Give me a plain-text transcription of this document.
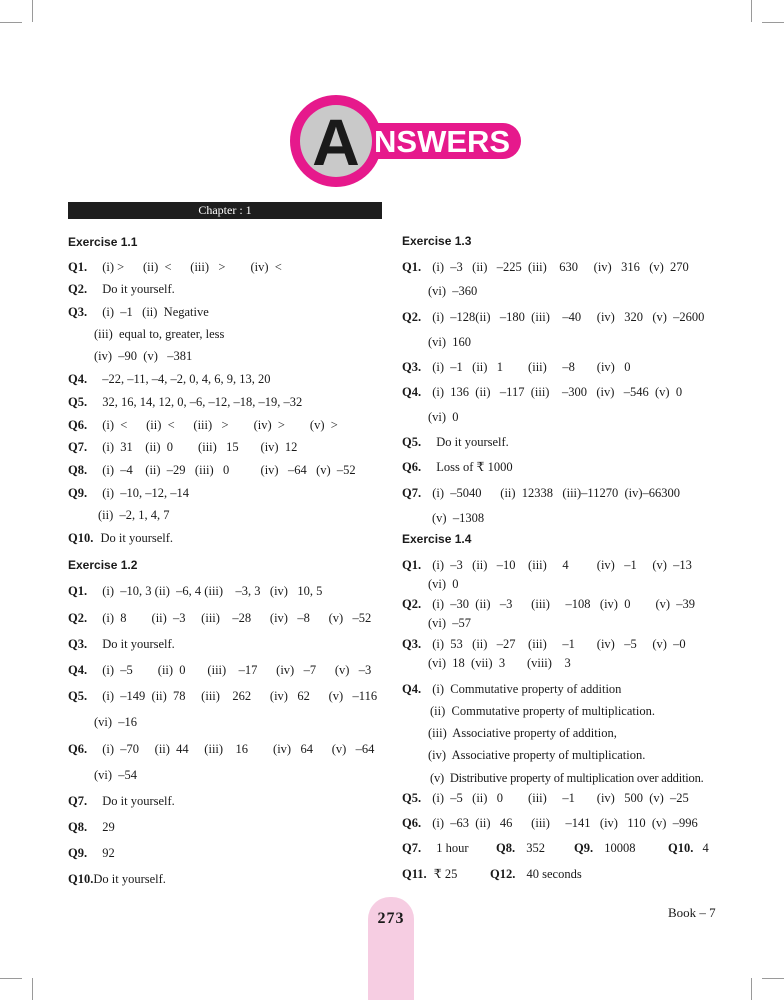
A NSWERS
Chapter : 1
Exercise 1.1
Q1. (i) >      (ii)  <      (iii)   >        (iv)  <
Q2. Do it yourself.
Q3. (i)  –1   (ii)  Negative
(iii)  equal to, greater, less
(iv)  –90  (v)   –381
Q4. –22, –11, –4, –2, 0, 4, 6, 9, 13, 20
Q5. 32, 16, 14, 12, 0, –6, –12, –18, –19, –32
Q6. (i)  <      (ii)  <      (iii)   >        (iv)  >        (v)  >
Q7. (i)  31    (ii)  0        (iii)   15       (iv)  12
Q8. (i)  –4    (ii)  –29   (iii)   0          (iv)   –64   (v)  –52
Q9. (i)  –10, –12, –14
(ii)  –2, 1, 4, 7
Q10. Do it yourself.
Exercise 1.2
Q1. (i)  –10, 3 (ii)  –6, 4 (iii)    –3, 3   (iv)   10, 5
Q2. (i)  8        (ii)  –3     (iii)    –28      (iv)   –8      (v)   –52
Q3. Do it yourself.
Q4. (i)  –5        (ii)  0       (iii)    –17      (iv)   –7      (v)   –3
Q5. (i)  –149  (ii)  78     (iii)    262      (iv)   62      (v)   –116
(vi)  –16
Q6. (i)  –70     (ii)  44     (iii)    16        (iv)   64      (v)   –64
(vi)  –54
Q7. Do it yourself.
Q8. 29
Q9. 92
Q10.Do it yourself.
Exercise 1.3
Q1. (i)  –3   (ii)   –225  (iii)    630     (iv)   316   (v)  270
(vi)  –360
Q2. (i)  –128(ii)   –180  (iii)    –40     (iv)   320   (v)  –2600
(vi)  160
Q3. (i)  –1   (ii)   1        (iii)     –8       (iv)   0
Q4. (i)  136  (ii)   –117  (iii)    –300   (iv)   –546  (v)  0
(vi)  0
Q5. Do it yourself.
Q6. Loss of ₹ 1000
Q7. (i)  –5040      (ii)  12338   (iii)–11270  (iv)–66300
(v)  –1308
Exercise 1.4
Q1. (i)  –3   (ii)   –10    (iii)     4         (iv)   –1     (v)  –13
(vi)  0
Q2. (i)  –30  (ii)   –3      (iii)     –108   (iv)  0        (v)  –39
(vi)  –57
Q3. (i)  53   (ii)   –27    (iii)     –1       (iv)   –5     (v)  –0
(vi)  18  (vii)  3       (viii)    3
Q4. (i)  Commutative property of addition
(ii)  Commutative property of multiplication.
(iii)  Associative property of addition,
(iv)  Associative property of multiplication.
(v)  Distributive property of multiplication over addition.
Q5. (i)  –5   (ii)   0        (iii)     –1       (iv)   500  (v)  –25
Q6. (i)  –63  (ii)   46      (iii)     –141   (iv)   110  (v)  –996
Q7. 1 hour Q8. 352 Q9. 10008	Q10. 4
Q11. ₹ 25	Q12. 40 seconds
273	Book – 7
